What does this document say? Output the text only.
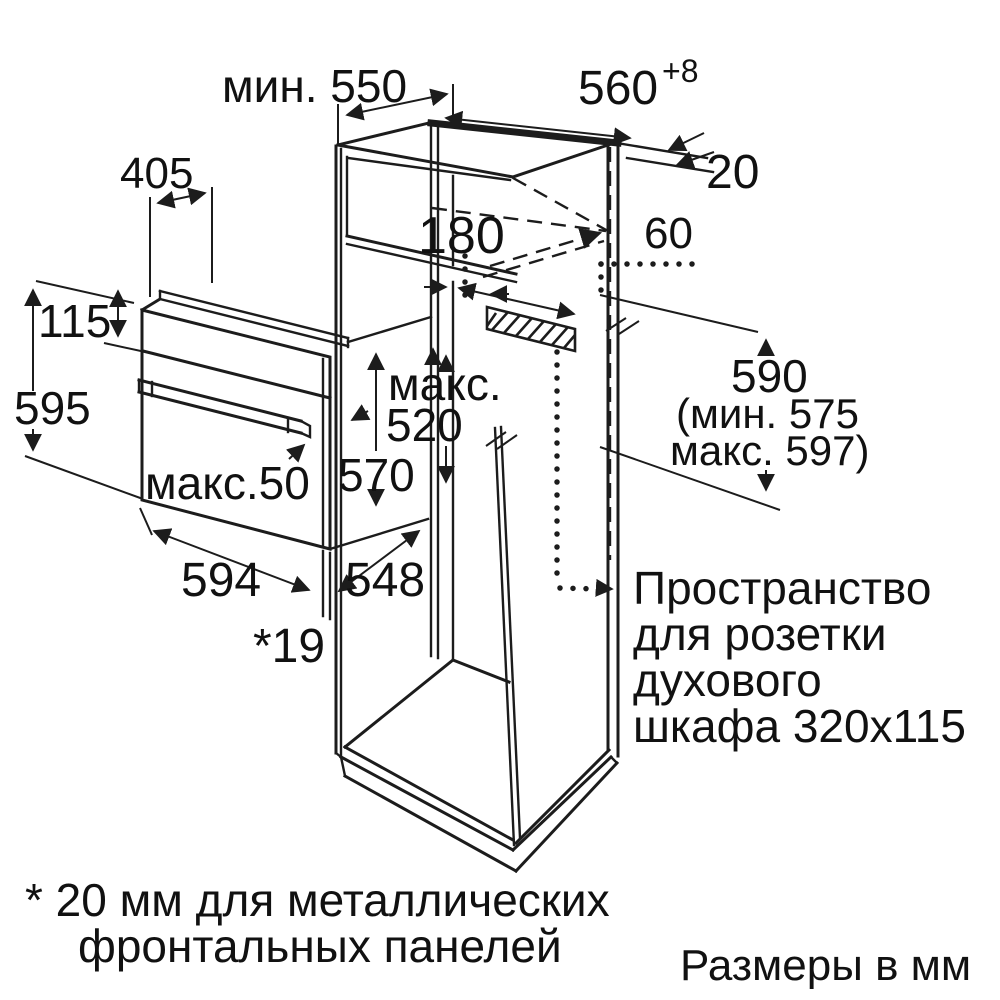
мин. 550	560 +8
20
405
180	60
115
595	макс.
520
570
макс.50
594 548
*19
590
(мин. 575
макс. 597)
Пространство
для розетки
духового
шкафа 320x115
* 20 мм для металлических
фронтальных панелей	Размеры в мм
